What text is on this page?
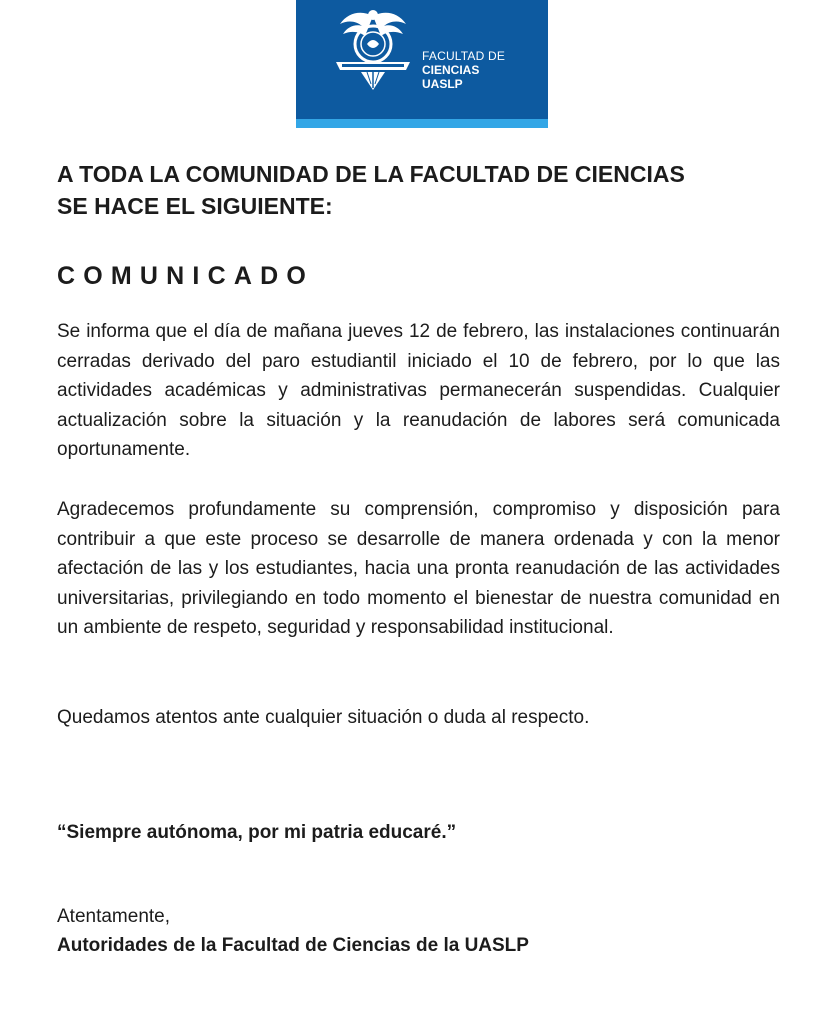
FACULTAD DE
CIENCIAS
UASLP
A TODA LA COMUNIDAD DE LA FACULTAD DE CIENCIAS
SE HACE EL SIGUIENTE:
COMUNICADO

Se informa que el día de mañana jueves 12 de febrero, las instalaciones continuarán cerradas derivado del paro estudiantil iniciado el 10 de febrero, por lo que las actividades académicas y administrativas permanecerán suspendidas. Cualquier actualización sobre la situación y la reanudación de labores será comunicada oportunamente.

Agradecemos profundamente su comprensión, compromiso y disposición para contribuir a que este proceso se desarrolle de manera ordenada y con la menor afectación de las y los estudiantes, hacia una pronta reanudación de las actividades universitarias, privilegiando en todo momento el bienestar de nuestra comunidad en un ambiente de respeto, seguridad y responsabilidad institucional.

Quedamos atentos ante cualquier situación o duda al respecto.

“Siempre autónoma, por mi patria educaré.”

Atentamente,

Autoridades de la Facultad de Ciencias de la UASLP
